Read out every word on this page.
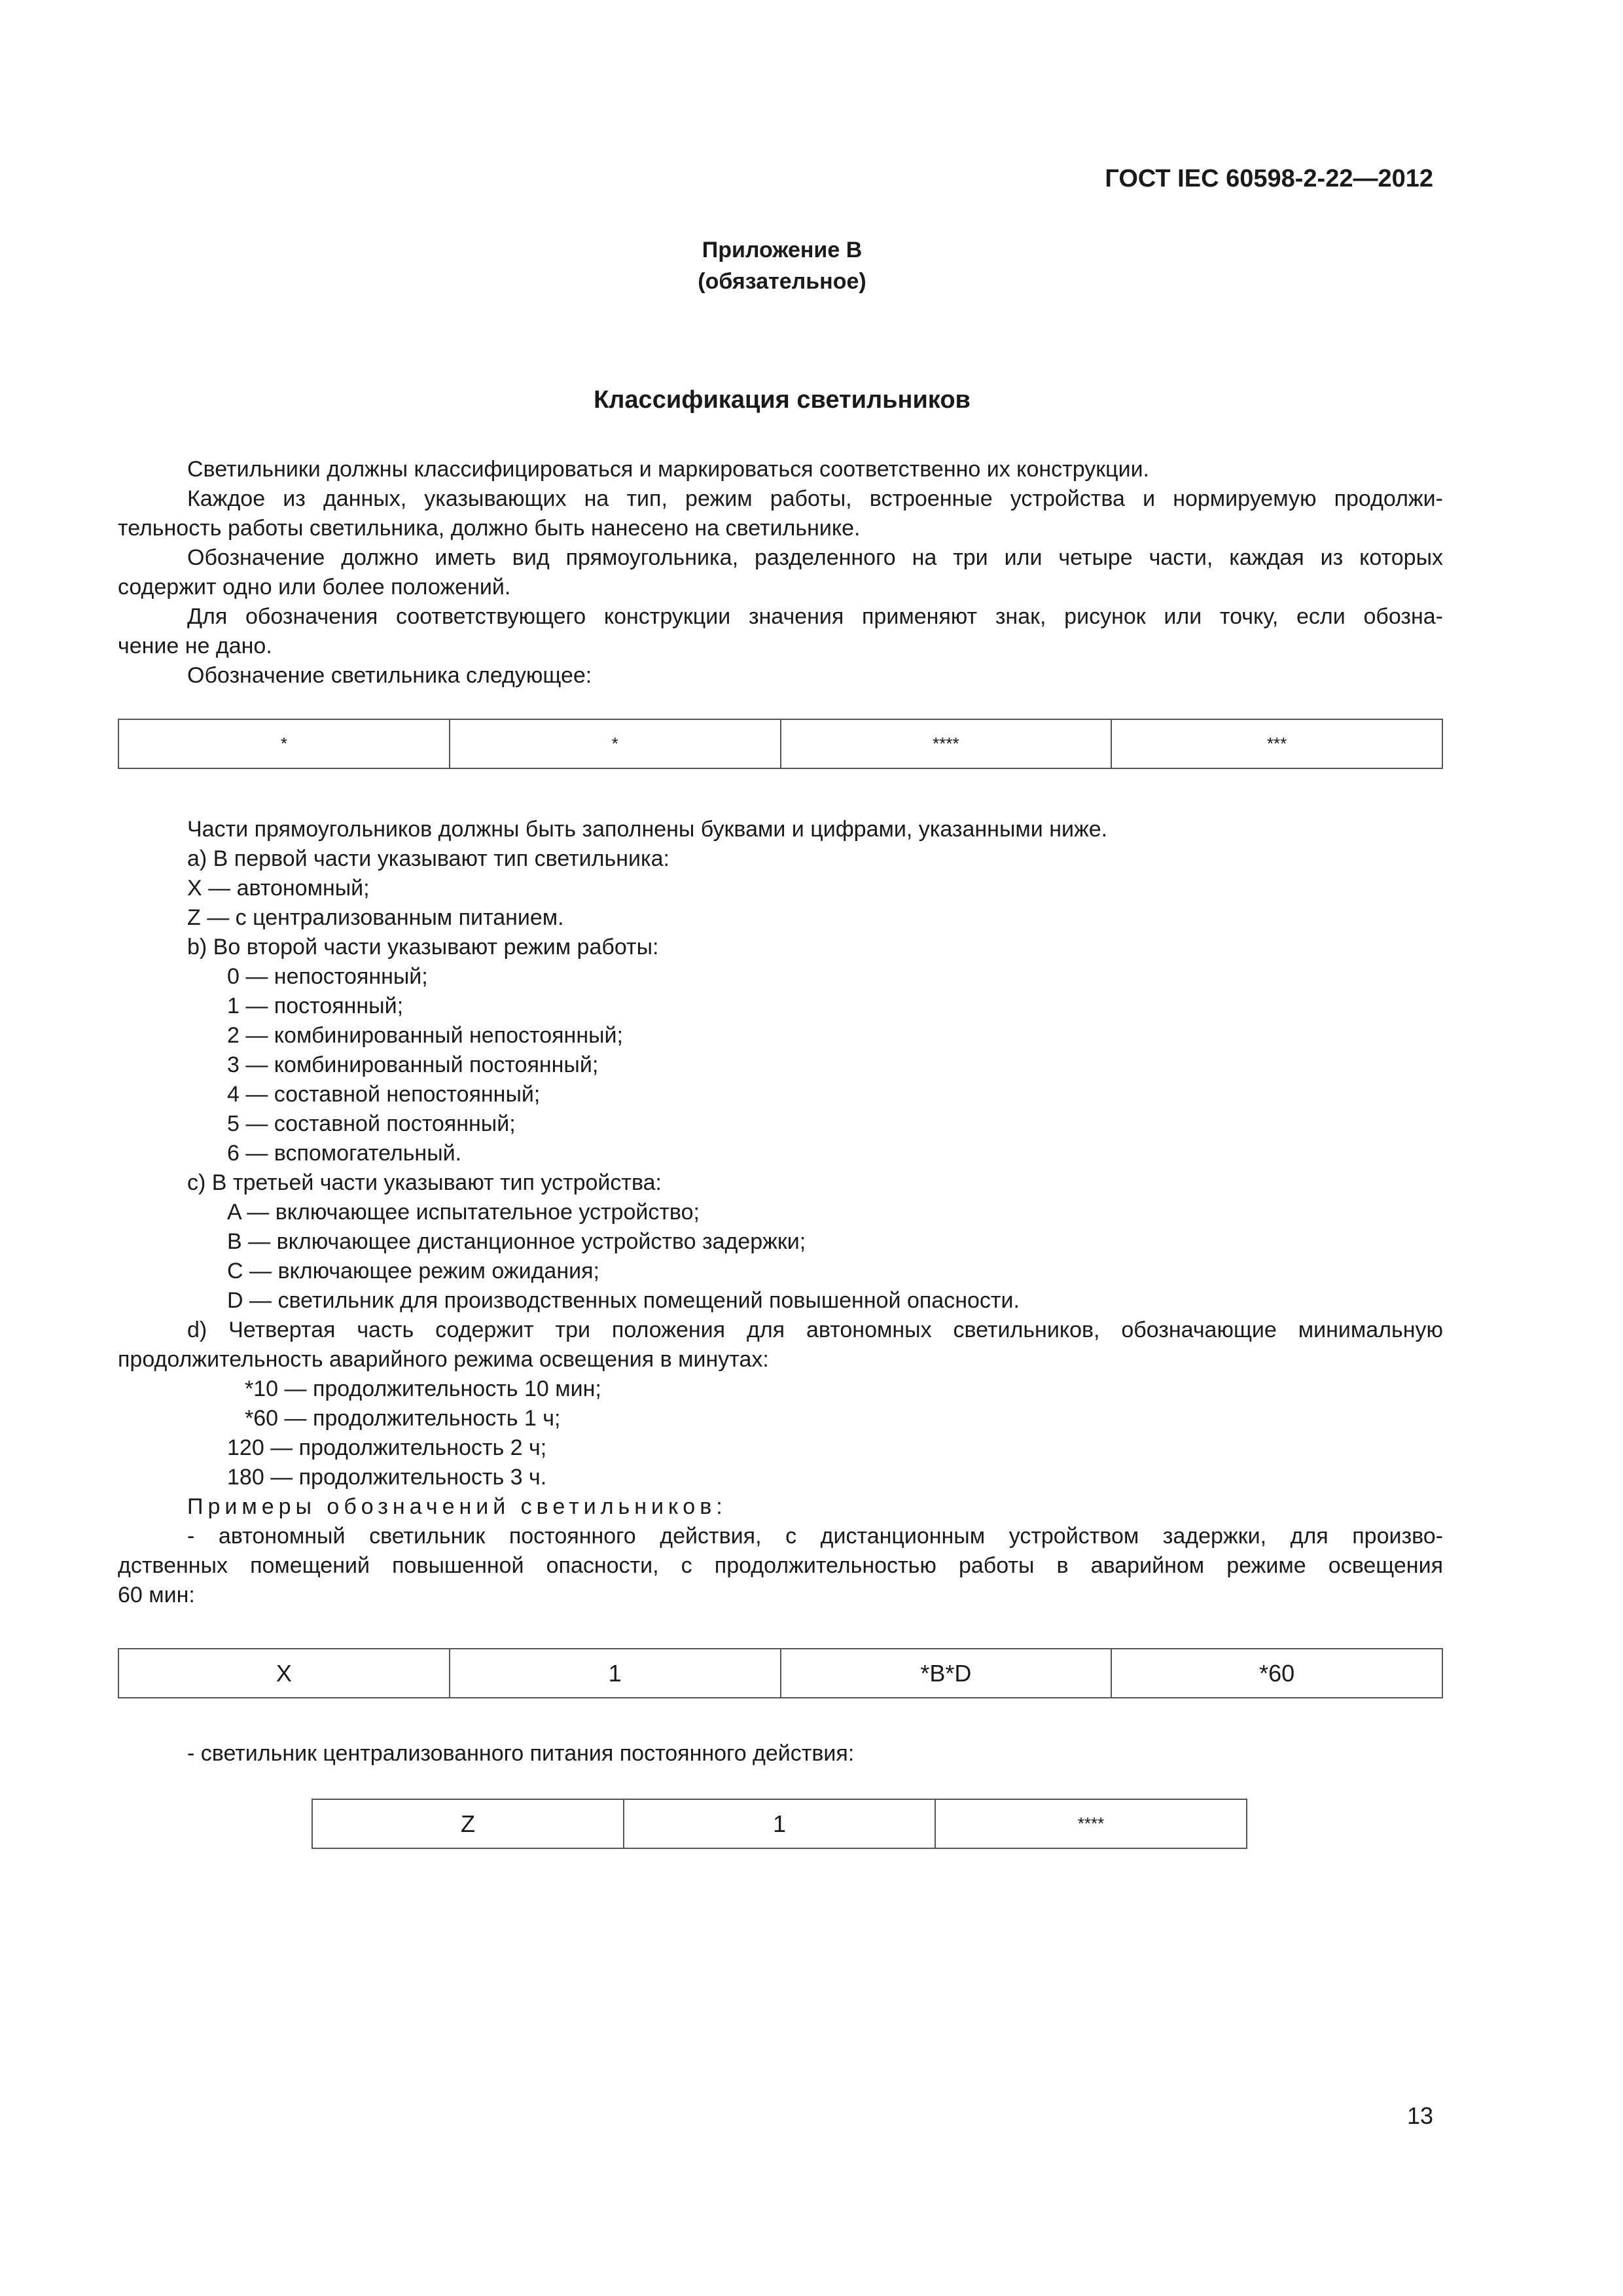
ГОСТ IEC 60598-2-22—2012
Приложение В
(обязательное)
Классификация светильников
Светильники должны классифицироваться и маркироваться соответственно их конструкции.
Каждое из данных, указывающих на тип, режим работы, встроенные устройства и нормируемую продолжи-
тельность работы светильника, должно быть нанесено на светильнике.
Обозначение должно иметь вид прямоугольника, разделенного на три или четыре части, каждая из которых
содержит одно или более положений.
Для обозначения соответствующего конструкции значения применяют знак, рисунок или точку, если обозна-
чение не дано.
Обозначение светильника следующее:
*	*	****	***
Части прямоугольников должны быть заполнены буквами и цифрами, указанными ниже.
a) В первой части указывают тип светильника:
X — автономный;
Z — с централизованным питанием.
b) Во второй части указывают режим работы:
0 — непостоянный;
1 — постоянный;
2 — комбинированный непостоянный;
3 — комбинированный постоянный;
4 — составной непостоянный;
5 — составной постоянный;
6 — вспомогательный.
c) В третьей части указывают тип устройства:
A — включающее испытательное устройство;
B — включающее дистанционное устройство задержки;
C — включающее режим ожидания;
D — светильник для производственных помещений повышенной опасности.
d) Четвертая часть содержит три положения для автономных светильников, обозначающие минимальную
продолжительность аварийного режима освещения в минутах:
*10 — продолжительность 10 мин;
*60 — продолжительность 1 ч;
120 — продолжительность 2 ч;
180 — продолжительность 3 ч.
Примеры обозначений светильников:
- автономный светильник постоянного действия, с дистанционным устройством задержки, для произво-
дственных помещений повышенной опасности, с продолжительностью работы в аварийном режиме освещения
60 мин:
X	1	*B*D	*60
- светильник централизованного питания постоянного действия:
Z	1	****
13
